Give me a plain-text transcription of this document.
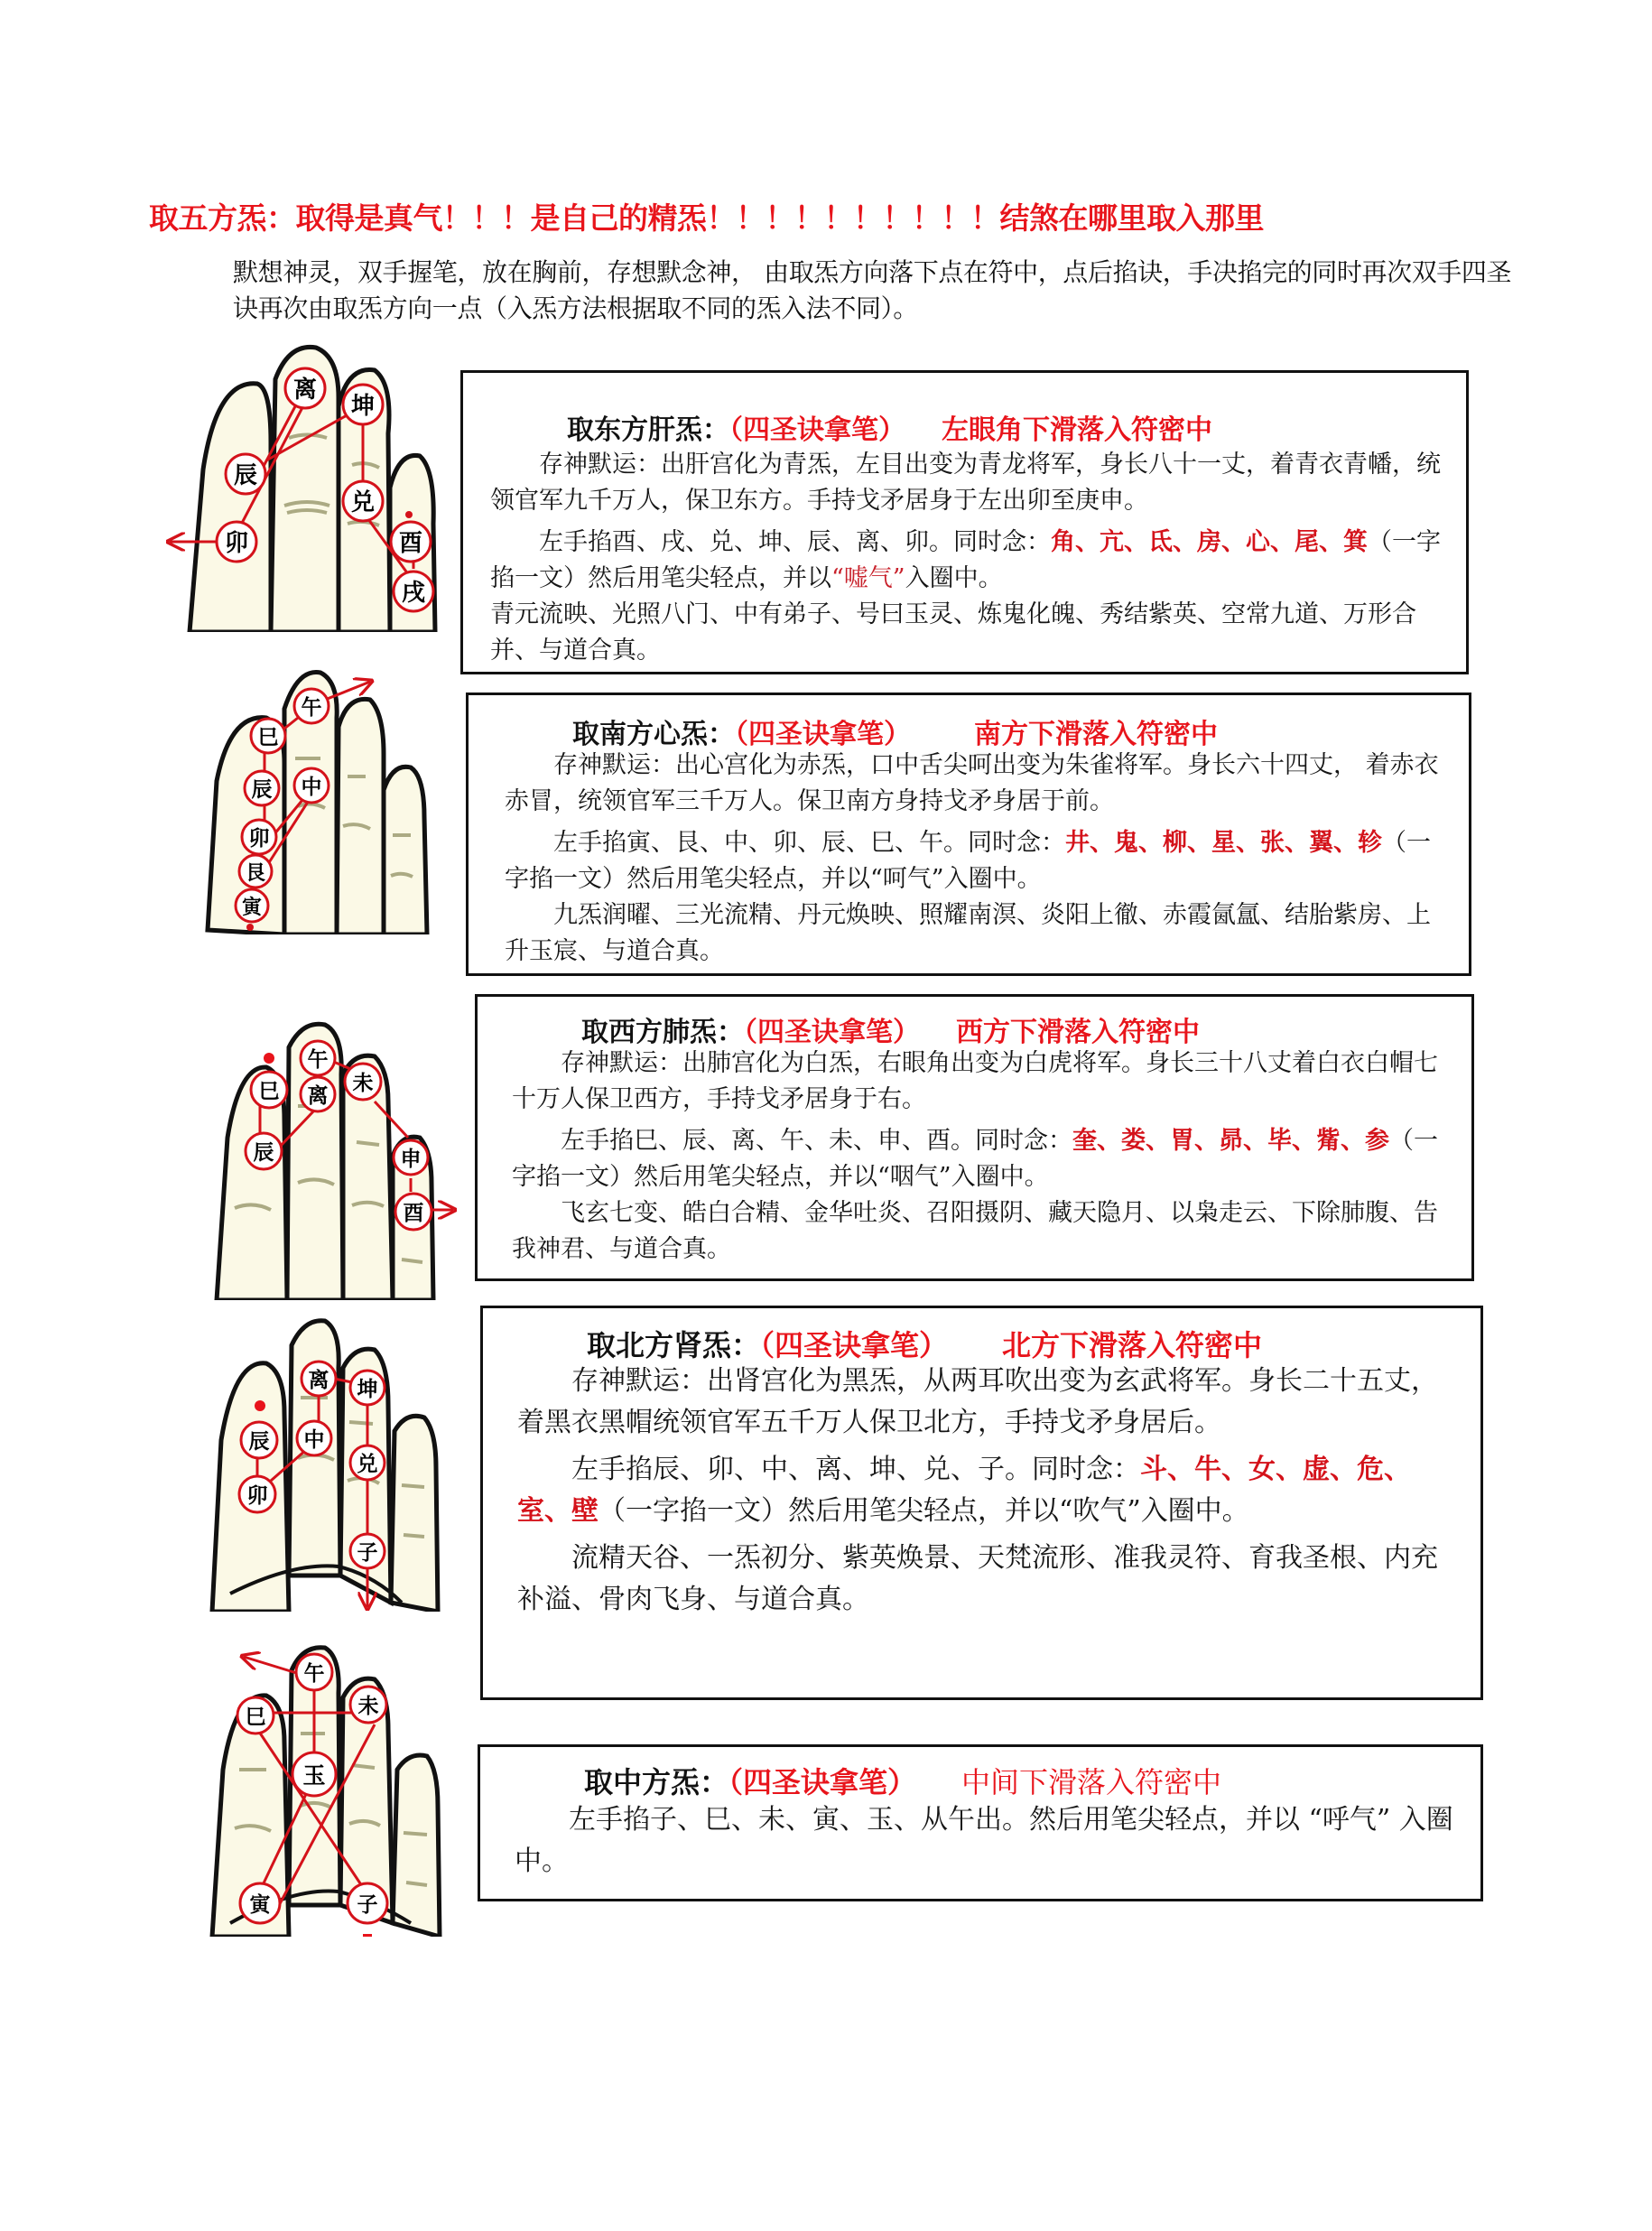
取五方炁：取得是真气！！！是自己的精炁！！！！！！！！！！结煞在哪里取入那里
默想神灵，双手握笔，放在胸前，存想默念神， 由取炁方向落下点在符中，点后掐诀，手决掐完的同时再次双手四圣诀再次由取炁方向一点（入炁方法根据取不同的炁入法不同）。
离
坤
辰
兑
卯	酉
戌
取东方肝炁：（四圣诀拿笔） 左眼角下滑落入符密中

存神默运：出肝宫化为青炁，左目出变为青龙将军，身长八十一丈，着青衣青幡，统领官军九千万人，保卫东方。手持戈矛居身于左出卯至庚申。

左手掐酉、戌、兑、坤、辰、离、卯。同时念：角、亢、氐、房、心、尾、箕（一字掐一文）然后用笔尖轻点，并以“嘘气”入圈中。

青元流映、光照八门、中有弟子、号曰玉灵、炼鬼化魄、秀结紫英、空常九道、万形合并、与道合真。

午
巳
辰 中
卯
艮
寅
取南方心炁：（四圣诀拿笔） 南方下滑落入符密中

存神默运：出心宫化为赤炁，口中舌尖呵出变为朱雀将军。身长六十四丈， 着赤衣赤冒，统领官军三千万人。保卫南方身持戈矛身居于前。

左手掐寅、艮、中、卯、辰、巳、午。同时念：井、鬼、柳、星、张、翼、轸（一字掐一文）然后用笔尖轻点，并以“呵气”入圈中。

九炁润曜、三光流精、丹元焕映、照耀南溟、炎阳上徹、赤霞氤氲、结胎紫房、上升玉宸、与道合真。

午
离
巳	未
辰	申
酉
取西方肺炁：（四圣诀拿笔） 西方下滑落入符密中

存神默运：出肺宫化为白炁，右眼角出变为白虎将军。身长三十八丈着白衣白帽七十万人保卫西方，手持戈矛居身于右。

左手掐巳、辰、离、午、未、申、酉。同时念：奎、娄、胃、昴、毕、觜、参（一字掐一文）然后用笔尖轻点，并以“咽气”入圈中。

飞玄七变、皓白合精、金华吐炎、召阳摄阴、藏天隐月、以枭走云、下除肺腹、告我神君、与道合真。

离 坤
辰 中
卯
兑
子
取北方肾炁：（四圣诀拿笔） 北方下滑落入符密中

存神默运：出肾宫化为黑炁，从两耳吹出变为玄武将军。身长二十五丈，着黑衣黑帽统领官军五千万人保卫北方，手持戈矛身居后。

左手掐辰、卯、中、离、坤、兑、子。同时念：斗、牛、女、虚、危、室、壁（一字掐一文）然后用笔尖轻点，并以“吹气”入圈中。

流精天谷、一炁初分、紫英焕景、天梵流形、准我灵符、育我圣根、内充补溢、骨肉飞身、与道合真。

午
巳	未
玉
寅	子
取中方炁：（四圣诀拿笔） 中间下滑落入符密中

左手掐子、巳、未、寅、玉、从午出。然后用笔尖轻点，并以 “呼气” 入圈中。
